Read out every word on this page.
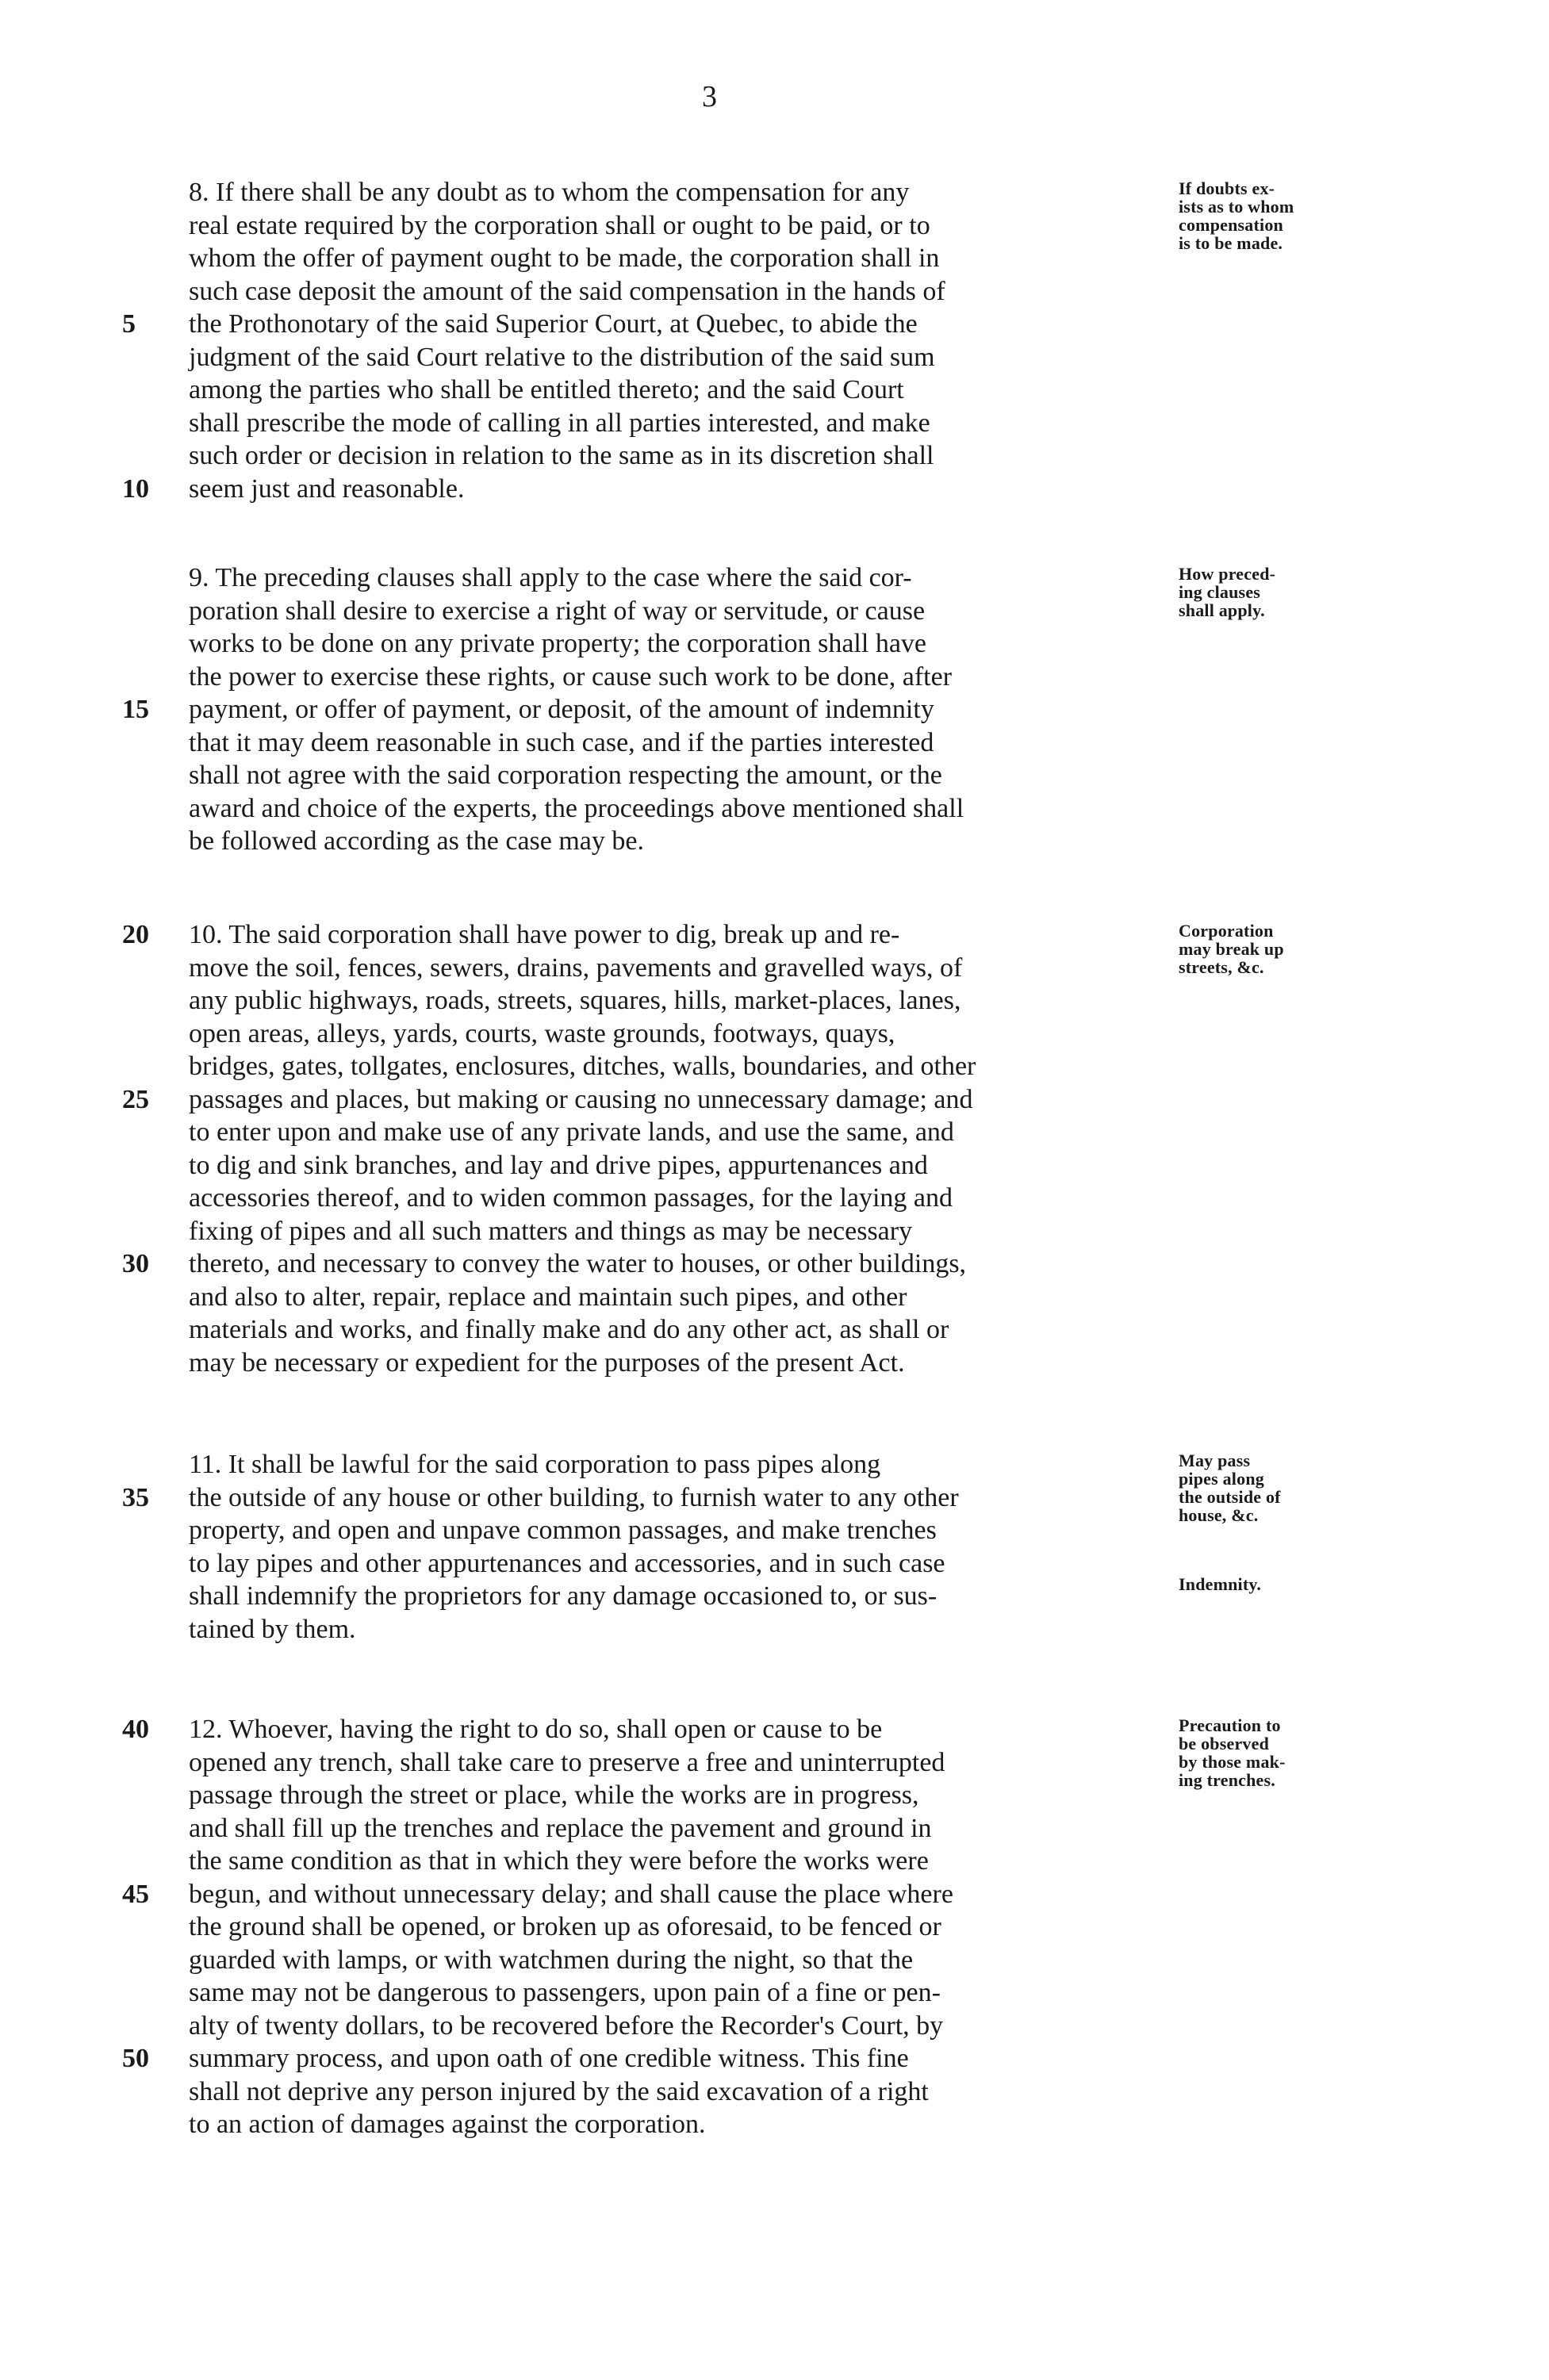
3
8. If there shall be any doubt as to whom the compensation for any
real estate required by the corporation shall or ought to be paid, or to
whom the offer of payment ought to be made, the corporation shall in
such case deposit the amount of the said compensation in the hands of
5	the Prothonotary of the said Superior Court, at Quebec, to abide the
judgment of the said Court relative to the distribution of the said sum
among the parties who shall be entitled thereto; and the said Court
shall prescribe the mode of calling in all parties interested, and make
such order or decision in relation to the same as in its discretion shall
10	seem just and reasonable.
If doubts ex-
ists as to whom
compensation
is to be made.
9. The preceding clauses shall apply to the case where the said cor-
poration shall desire to exercise a right of way or servitude, or cause
works to be done on any private property; the corporation shall have
the power to exercise these rights, or cause such work to be done, after
15	payment, or offer of payment, or deposit, of the amount of indemnity
that it may deem reasonable in such case, and if the parties interested
shall not agree with the said corporation respecting the amount, or the
award and choice of the experts, the proceedings above mentioned shall
be followed according as the case may be.
How preced-
ing clauses
shall apply.
20	10. The said corporation shall have power to dig, break up and re-
move the soil, fences, sewers, drains, pavements and gravelled ways, of
any public highways, roads, streets, squares, hills, market-places, lanes,
open areas, alleys, yards, courts, waste grounds, footways, quays,
bridges, gates, tollgates, enclosures, ditches, walls, boundaries, and other
25	passages and places, but making or causing no unnecessary damage; and
to enter upon and make use of any private lands, and use the same, and
to dig and sink branches, and lay and drive pipes, appurtenances and
accessories thereof, and to widen common passages, for the laying and
fixing of pipes and all such matters and things as may be necessary
30	thereto, and necessary to convey the water to houses, or other buildings,
and also to alter, repair, replace and maintain such pipes, and other
materials and works, and finally make and do any other act, as shall or
may be necessary or expedient for the purposes of the present Act.
Corporation
may break up
streets, &c.
11. It shall be lawful for the said corporation to pass pipes along
35	the outside of any house or other building, to furnish water to any other
property, and open and unpave common passages, and make trenches
to lay pipes and other appurtenances and accessories, and in such case
shall indemnify the proprietors for any damage occasioned to, or sus-
tained by them.
May pass
pipes along
the outside of
house, &c.
Indemnity.
40	12. Whoever, having the right to do so, shall open or cause to be
opened any trench, shall take care to preserve a free and uninterrupted
passage through the street or place, while the works are in progress,
and shall fill up the trenches and replace the pavement and ground in
the same condition as that in which they were before the works were
45	begun, and without unnecessary delay; and shall cause the place where
the ground shall be opened, or broken up as oforesaid, to be fenced or
guarded with lamps, or with watchmen during the night, so that the
same may not be dangerous to passengers, upon pain of a fine or pen-
alty of twenty dollars, to be recovered before the Recorder's Court, by
50	summary process, and upon oath of one credible witness. This fine
shall not deprive any person injured by the said excavation of a right
to an action of damages against the corporation.
Precaution to
be observed
by those mak-
ing trenches.
